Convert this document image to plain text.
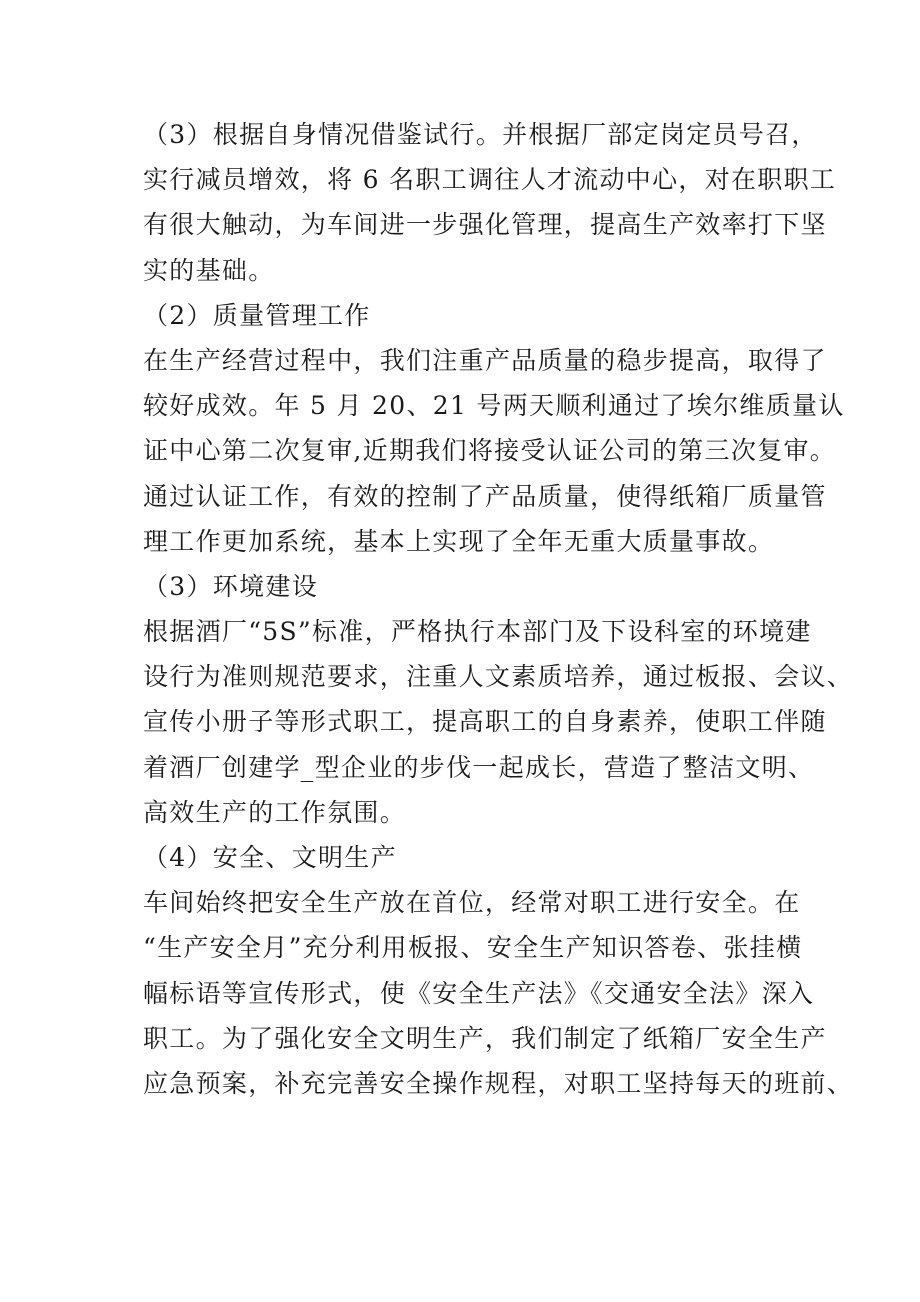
（3）根据自身情况借鉴试行。并根据厂部定岗定员号召，
实行减员增效，将 6 名职工调往人才流动中心，对在职职工
有很大触动，为车间进一步强化管理，提高生产效率打下坚
实的基础。
（2）质量管理工作
在生产经营过程中，我们注重产品质量的稳步提高，取得了
较好成效。年 5 月 20、21 号两天顺利通过了埃尔维质量认
证中心第二次复审,近期我们将接受认证公司的第三次复审。
通过认证工作，有效的控制了产品质量，使得纸箱厂质量管
理工作更加系统，基本上实现了全年无重大质量事故。
（3）环境建设
根据酒厂“5S”标准，严格执行本部门及下设科室的环境建
设行为准则规范要求，注重人文素质培养，通过板报、会议、
宣传小册子等形式职工，提高职工的自身素养，使职工伴随
着酒厂创建学_型企业的步伐一起成长，营造了整洁文明、
高效生产的工作氛围。
（4）安全、文明生产
车间始终把安全生产放在首位，经常对职工进行安全。在
“生产安全月”充分利用板报、安全生产知识答卷、张挂横
幅标语等宣传形式，使《安全生产法》《交通安全法》深入
职工。为了强化安全文明生产，我们制定了纸箱厂安全生产
应急预案，补充完善安全操作规程，对职工坚持每天的班前、
